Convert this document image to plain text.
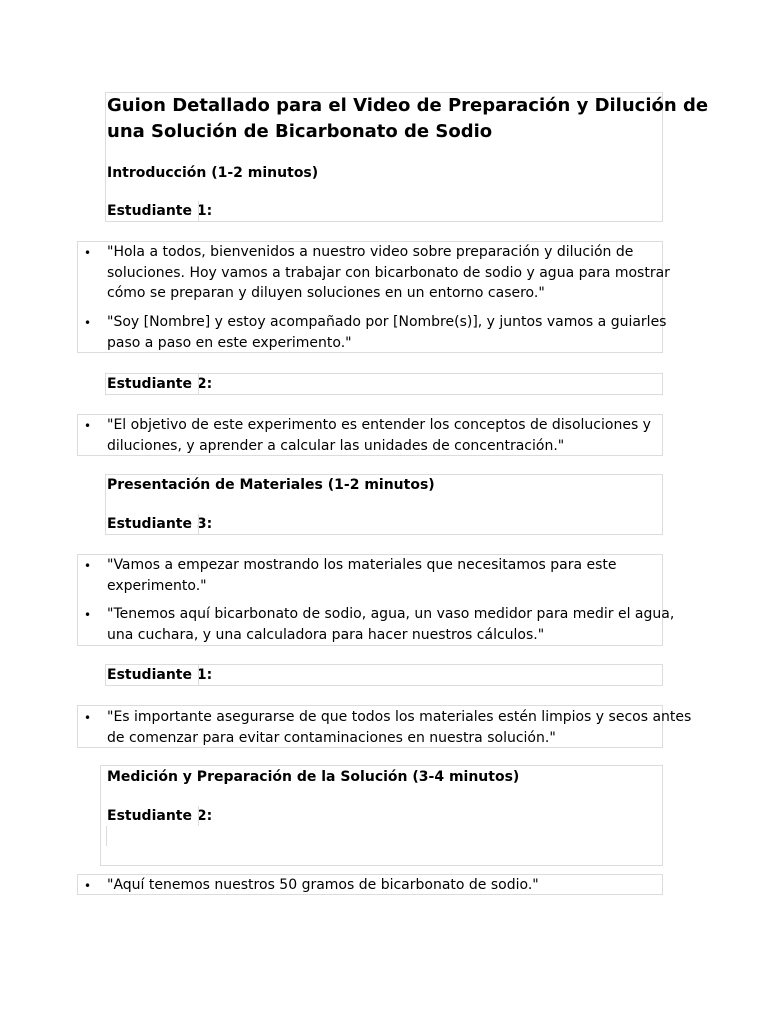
Guion Detallado para el Video de Preparación y Dilución de
una Solución de Bicarbonato de Sodio
Introducción (1-2 minutos)
Estudiante 1:
• "Hola a todos, bienvenidos a nuestro video sobre preparación y dilución de
soluciones. Hoy vamos a trabajar con bicarbonato de sodio y agua para mostrar
cómo se preparan y diluyen soluciones en un entorno casero."
• "Soy [Nombre] y estoy acompañado por [Nombre(s)], y juntos vamos a guiarles
paso a paso en este experimento."
Estudiante 2:
• "El objetivo de este experimento es entender los conceptos de disoluciones y
diluciones, y aprender a calcular las unidades de concentración."
Presentación de Materiales (1-2 minutos)
Estudiante 3:
• "Vamos a empezar mostrando los materiales que necesitamos para este
experimento."
• "Tenemos aquí bicarbonato de sodio, agua, un vaso medidor para medir el agua,
una cuchara, y una calculadora para hacer nuestros cálculos."
Estudiante 1:
• "Es importante asegurarse de que todos los materiales estén limpios y secos antes
de comenzar para evitar contaminaciones en nuestra solución."
Medición y Preparación de la Solución (3-4 minutos)
Estudiante 2:
• "Aquí tenemos nuestros 50 gramos de bicarbonato de sodio."
